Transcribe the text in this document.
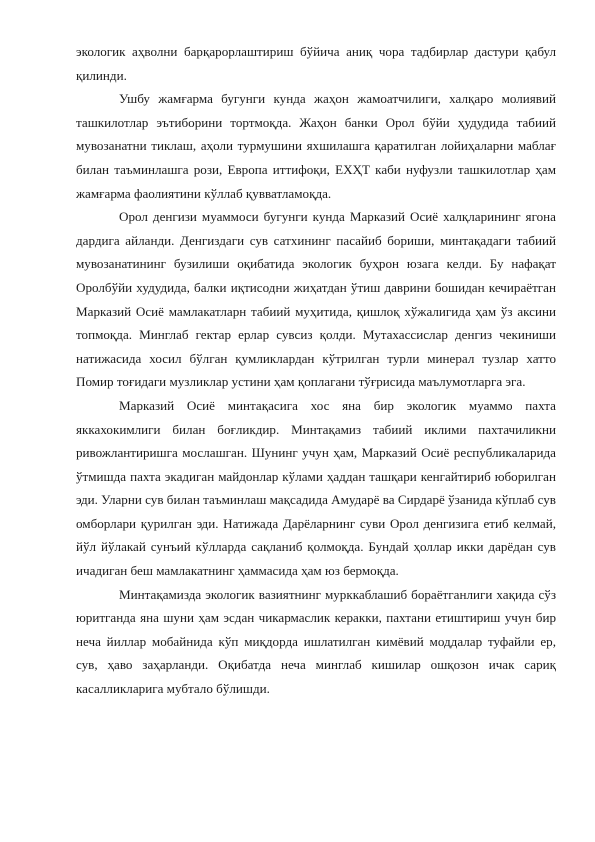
экологик аҳволни барқарорлаштириш бўйича аниқ чора тадбирлар дастури қабул қилинди.

Ушбу жамғарма бугунги кунда жаҳон жамоатчилиги, халқаро молиявий ташкилотлар эътиборини тортмоқда. Жаҳон банки Орол бўйи ҳудудида табиий мувозанатни тиклаш, аҳоли турмушини яхшилашга қаратилган лойиҳаларни маблағ билан таъминлашга рози, Европа иттифоқи, ЕХҲТ каби нуфузли ташкилотлар ҳам жамғарма фаолиятини кўллаб қувватламоқда.

Орол денгизи муаммоси бугунги кунда Марказий Осиё халқларининг ягона дардига айланди. Денгиздаги сув сатхининг пасайиб бориши, минтақадаги табиий мувозанатининг бузилиши оқибатида экологик буҳрон юзага келди. Бу нафақат Оролбўйи худудида, балки иқтисодни жиҳатдан ўтиш даврини бошидан кечираётган Марказий Осиё мамлакатларн табиий муҳитида, қишлоқ хўжалигида ҳам ўз аксини топмоқда. Минглаб гектар ерлар сувсиз қолди. Мутахассислар денгиз чекиниши натижасида хосил бўлган қумликлардан кўтрилган турли минерал тузлар хатто Помир тоғидаги музликлар устини ҳам қоплагани тўғрисида маълумотларга эга.

Марказий Осиё минтақасига хос яна бир экологик муаммо пахта яккахокимлиги билан боғликдир. Минтақамиз табиий иклими пахтачиликни ривожлантиришга мослашган. Шунинг учун ҳам, Марказий Осиё республикаларида ўтмишда пахта экадиган майдонлар кўлами ҳаддан ташқари кенгайтириб юборилган эди. Уларни сув билан таъминлаш мақсадида Амударё ва Сирдарё ўзанида кўплаб сув омборлари қурилган эди. Натижада Дарёларнинг суви Орол денгизига етиб келмай, йўл йўлакай сунъий кўлларда сақланиб қолмоқда. Бундай ҳоллар икки дарёдан сув ичадиган беш мамлакатнинг ҳаммасида ҳам юз бермоқда.

Минтақамизда экологик вазиятнинг мурккаблашиб бораётганлиги хақида сўз юритганда яна шуни ҳам эсдан чикармаслик керакки, пахтани етиштириш учун бир неча йиллар мобайнида кўп миқдорда ишлатилган кимёвий моддалар туфайли ер, сув, ҳаво заҳарланди. Оқибатда неча минглаб кишилар ошқозон ичак сариқ касалликларига мубтало бўлишди.
